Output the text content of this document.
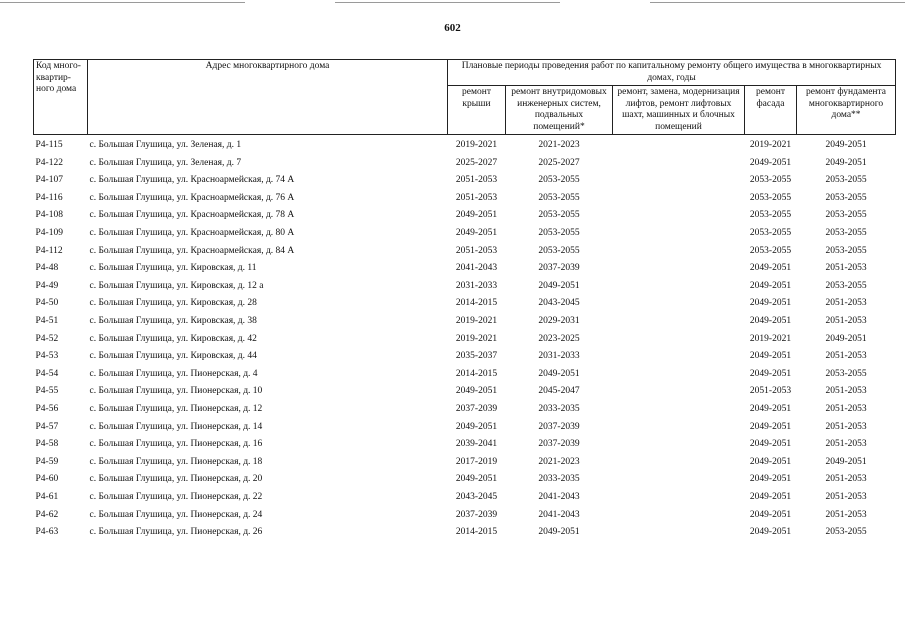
602
Код много-квартир-ного дома	Адрес многоквартирного дома	Плановые периоды проведения работ по капитальному ремонту общего имущества в многоквартирных домах, годы				
		ремонт крыши	ремонт внутридомовых инженерных систем, подвальных помещений*	ремонт, замена, модернизация лифтов, ремонт лифтовых шахт, машинных и блочных помещений	ремонт фасада	ремонт фундамента многоквартирного дома**
Р4-115	с. Большая Глушица, ул. Зеленая, д. 1	2019-2021	2021-2023		2019-2021	2049-2051
Р4-122	с. Большая Глушица, ул. Зеленая, д. 7	2025-2027	2025-2027		2049-2051	2049-2051
Р4-107	с. Большая Глушица, ул. Красноармейская, д. 74 А	2051-2053	2053-2055		2053-2055	2053-2055
Р4-116	с. Большая Глушица, ул. Красноармейская, д. 76 А	2051-2053	2053-2055		2053-2055	2053-2055
Р4-108	с. Большая Глушица, ул. Красноармейская, д. 78 А	2049-2051	2053-2055		2053-2055	2053-2055
Р4-109	с. Большая Глушица, ул. Красноармейская, д. 80 А	2049-2051	2053-2055		2053-2055	2053-2055
Р4-112	с. Большая Глушица, ул. Красноармейская, д. 84 А	2051-2053	2053-2055		2053-2055	2053-2055
Р4-48	с. Большая Глушица, ул. Кировская, д. 11	2041-2043	2037-2039		2049-2051	2051-2053
Р4-49	с. Большая Глушица, ул. Кировская, д. 12 а	2031-2033	2049-2051		2049-2051	2053-2055
Р4-50	с. Большая Глушица, ул. Кировская, д. 28	2014-2015	2043-2045		2049-2051	2051-2053
Р4-51	с. Большая Глушица, ул. Кировская, д. 38	2019-2021	2029-2031		2049-2051	2051-2053
Р4-52	с. Большая Глушица, ул. Кировская, д. 42	2019-2021	2023-2025		2019-2021	2049-2051
Р4-53	с. Большая Глушица, ул. Кировская, д. 44	2035-2037	2031-2033		2049-2051	2051-2053
Р4-54	с. Большая Глушица, ул. Пионерская, д. 4	2014-2015	2049-2051		2049-2051	2053-2055
Р4-55	с. Большая Глушица, ул. Пионерская, д. 10	2049-2051	2045-2047		2051-2053	2051-2053
Р4-56	с. Большая Глушица, ул. Пионерская, д. 12	2037-2039	2033-2035		2049-2051	2051-2053
Р4-57	с. Большая Глушица, ул. Пионерская, д. 14	2049-2051	2037-2039		2049-2051	2051-2053
Р4-58	с. Большая Глушица, ул. Пионерская, д. 16	2039-2041	2037-2039		2049-2051	2051-2053
Р4-59	с. Большая Глушица, ул. Пионерская, д. 18	2017-2019	2021-2023		2049-2051	2049-2051
Р4-60	с. Большая Глушица, ул. Пионерская, д. 20	2049-2051	2033-2035		2049-2051	2051-2053
Р4-61	с. Большая Глушица, ул. Пионерская, д. 22	2043-2045	2041-2043		2049-2051	2051-2053
Р4-62	с. Большая Глушица, ул. Пионерская, д. 24	2037-2039	2041-2043		2049-2051	2051-2053
Р4-63	с. Большая Глушица, ул. Пионерская, д. 26	2014-2015	2049-2051		2049-2051	2053-2055
